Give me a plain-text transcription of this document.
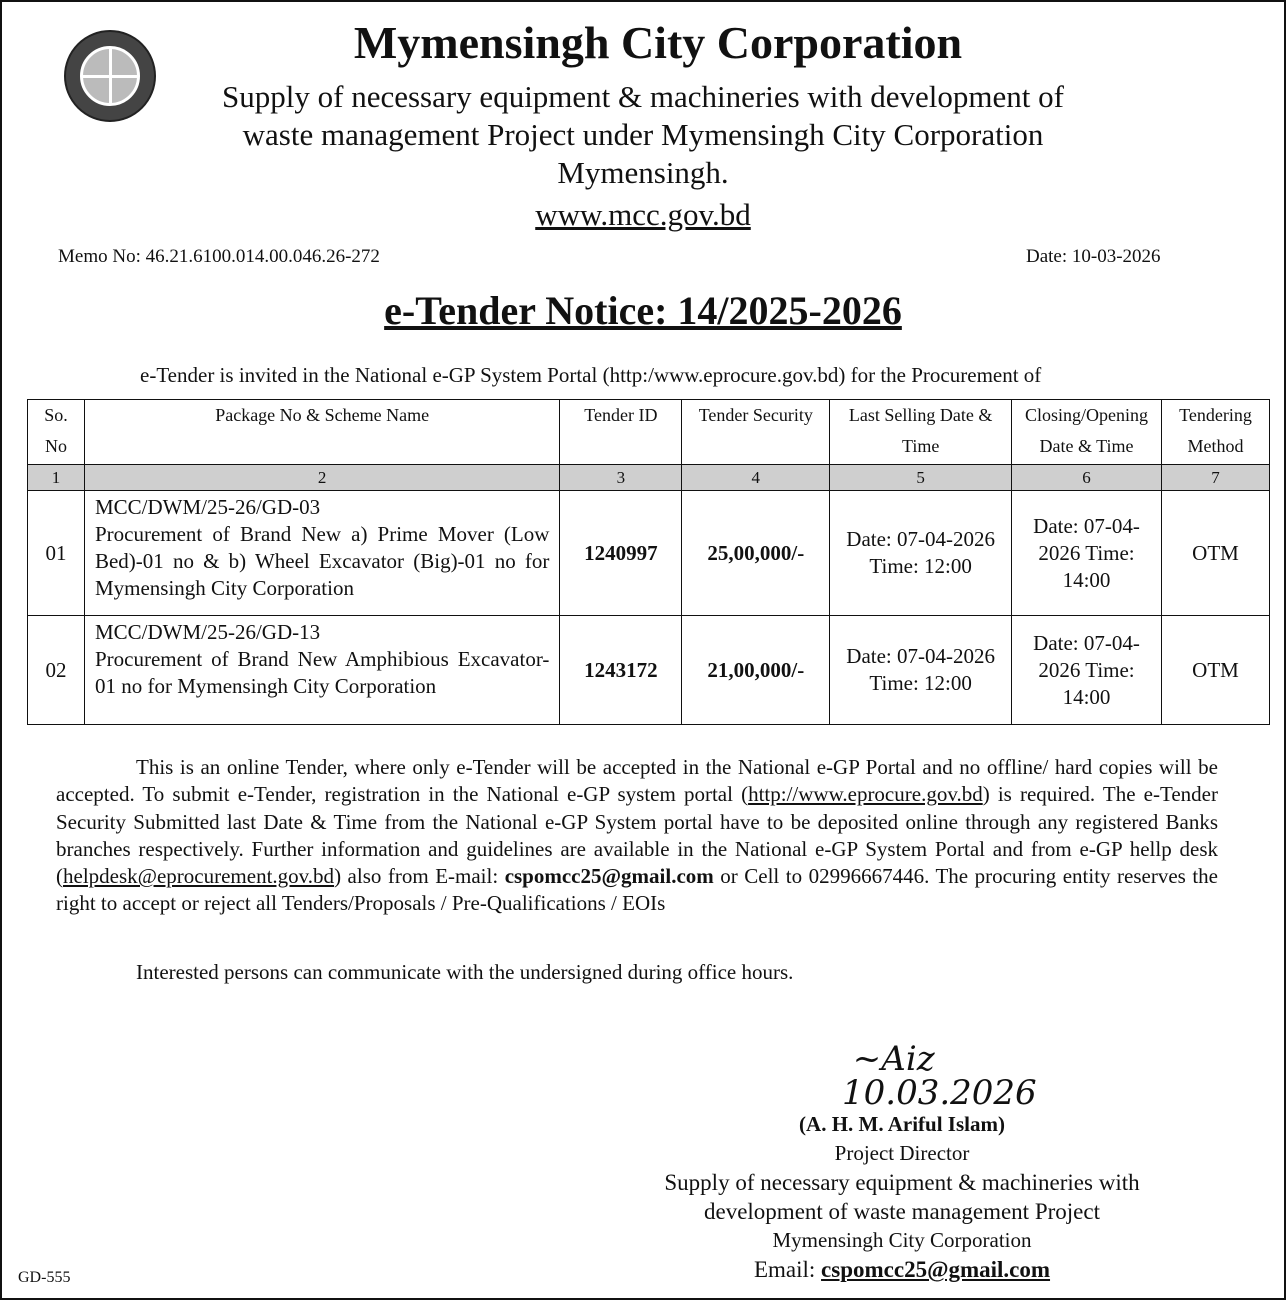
Mymensingh City Corporation
Supply of necessary equipment & machineries with development of
waste management Project under Mymensingh City Corporation
Mymensingh.
www.mcc.gov.bd
Memo No: 46.21.6100.014.00.046.26-272	Date: 10-03-2026
e-Tender Notice: 14/2025-2026
e-Tender is invited in the National e-GP System Portal (http:/www.eprocure.gov.bd) for the Procurement of
So. No	Package No & Scheme Name	Tender ID	Tender Security	Last Selling Date & Time	Closing/Opening Date & Time	Tendering Method
1	2	3	4	5	6	7
01	MCC/DWM/25-26/GD-03
Procurement of Brand New a) Prime Mover (Low Bed)-01 no & b) Wheel Excavator (Big)-01 no for Mymensingh City Corporation	1240997	25,00,000/-	Date: 07-04-2026 Time: 12:00	Date: 07-04-2026 Time: 14:00	OTM
02	MCC/DWM/25-26/GD-13
Procurement of Brand New Amphibious Excavator-01 no for Mymensingh City Corporation	1243172	21,00,000/-	Date: 07-04-2026 Time: 12:00	Date: 07-04-2026 Time: 14:00	OTM
This is an online Tender, where only e-Tender will be accepted in the National e-GP Portal and no offline/ hard copies will be accepted. To submit e-Tender, registration in the National e-GP system portal (http://www.eprocure.gov.bd) is required. The e-Tender Security Submitted last Date & Time from the National e-GP System portal have to be deposited online through any registered Banks branches respectively. Further information and guidelines are available in the National e-GP System Portal and from e-GP hellp desk (helpdesk@eprocurement.gov.bd) also from E-mail: cspomcc25@gmail.com or Cell to 02996667446. The procuring entity reserves the right to accept or reject all Tenders/Proposals / Pre-Qualifications / EOIs
Interested persons can communicate with the undersigned during office hours.
~Aiz
10.03.2026
(A. H. M. Ariful Islam)
Project Director
Supply of necessary equipment & machineries with
development of waste management Project
Mymensingh City Corporation
Email: cspomcc25@gmail.com
GD-555
